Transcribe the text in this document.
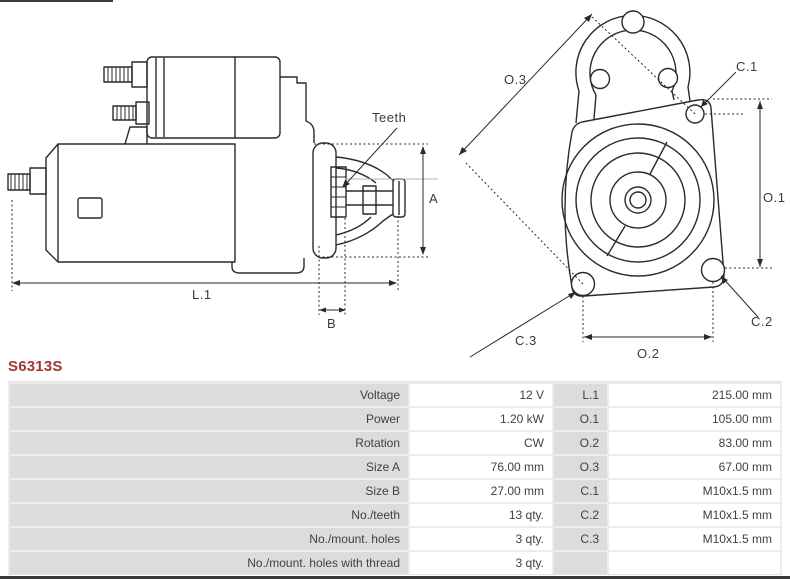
Teeth
A
L.1
B
O.3
C.1
O.1
C.2
C.3
O.2
S6313S
Voltage	12 V	L.1	215.00 mm
Power	1.20 kW	O.1	105.00 mm
Rotation	CW	O.2	83.00 mm
Size A	76.00 mm	O.3	67.00 mm
Size B	27.00 mm	C.1	M10x1.5 mm
No./teeth	13 qty.	C.2	M10x1.5 mm
No./mount. holes	3 qty.	C.3	M10x1.5 mm
No./mount. holes with thread	3 qty.
